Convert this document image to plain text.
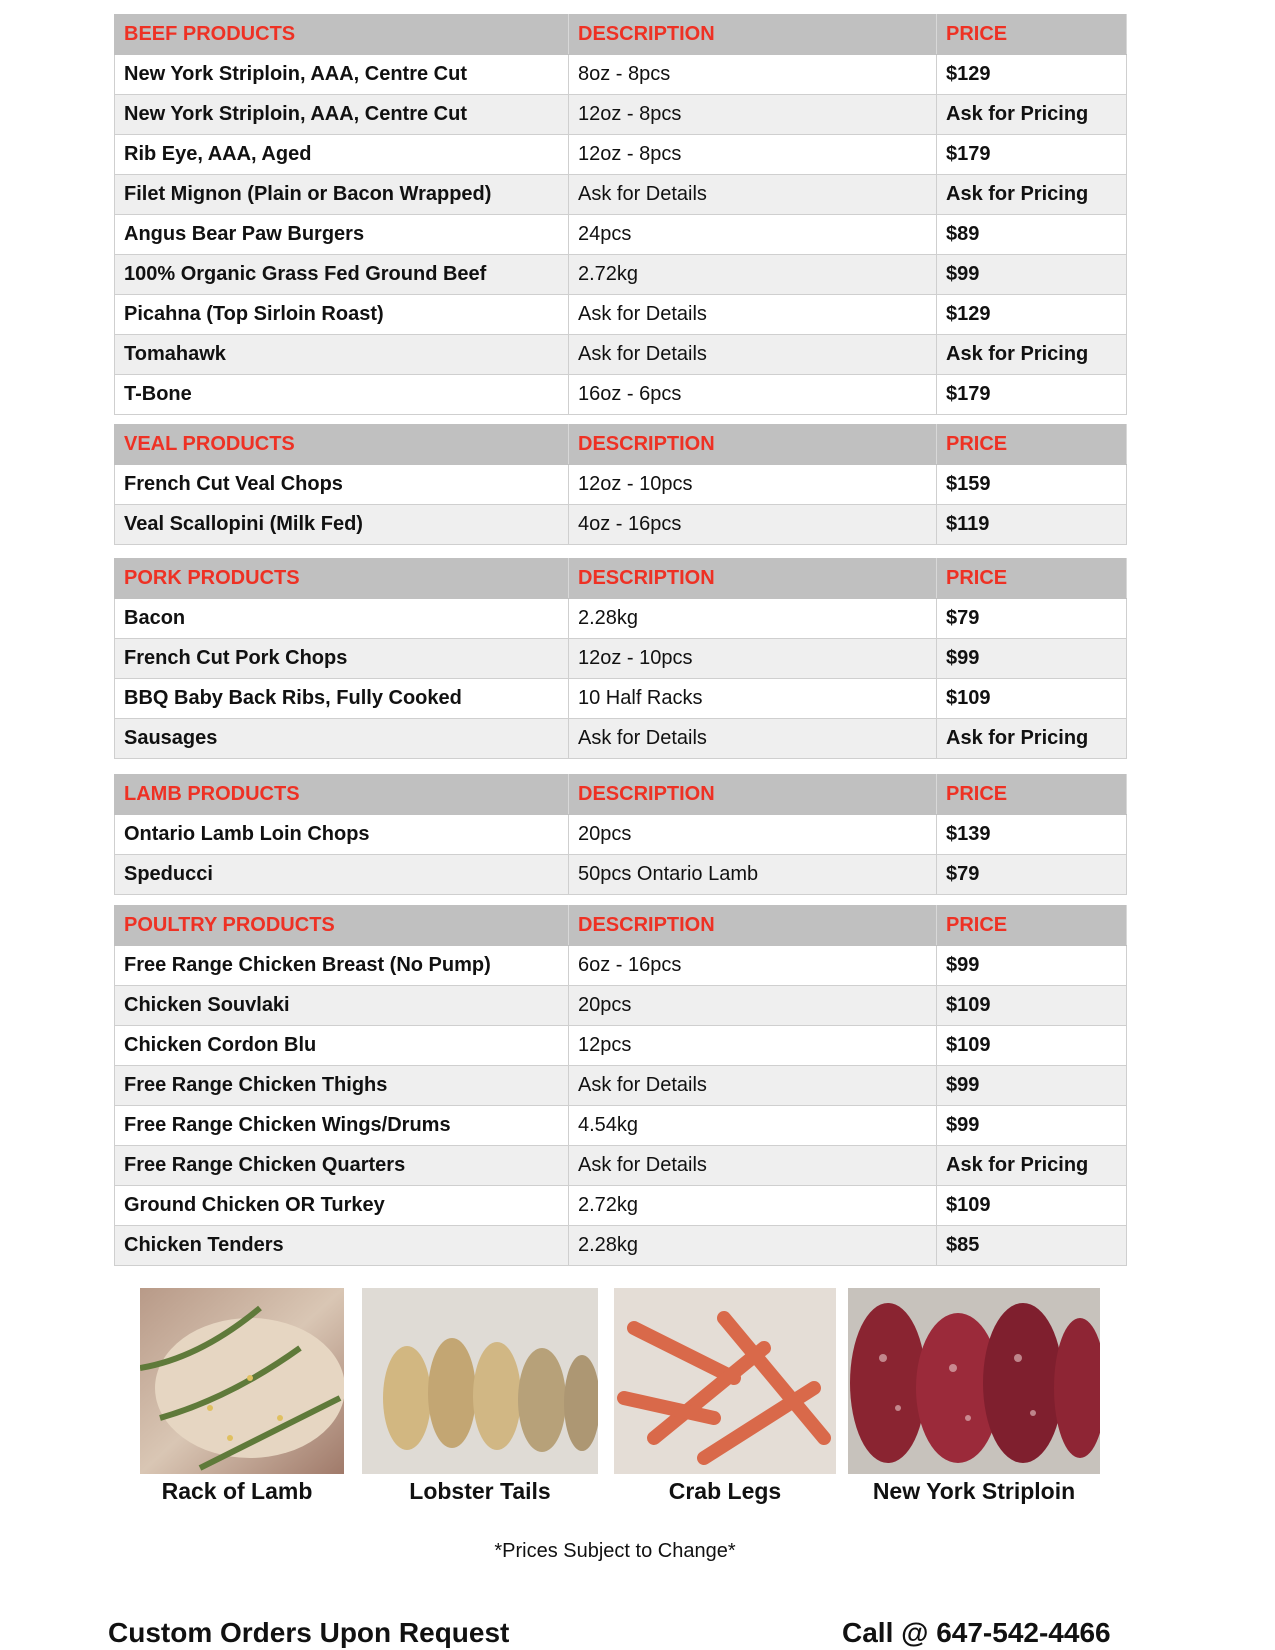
BEEF PRODUCTS	DESCRIPTION	PRICE
New York Striploin, AAA, Centre Cut	8oz - 8pcs	$129
New York Striploin, AAA, Centre Cut	12oz - 8pcs	Ask for Pricing
Rib Eye, AAA, Aged	12oz - 8pcs	$179
Filet Mignon (Plain or Bacon Wrapped)	Ask for Details	Ask for Pricing
Angus Bear Paw Burgers	24pcs	$89
100% Organic Grass Fed Ground Beef	2.72kg	$99
Picahna (Top Sirloin Roast)	Ask for Details	$129
Tomahawk	Ask for Details	Ask for Pricing
T-Bone	16oz - 6pcs	$179
VEAL PRODUCTS	DESCRIPTION	PRICE
French Cut Veal Chops	12oz - 10pcs	$159
Veal Scallopini (Milk Fed)	4oz - 16pcs	$119
PORK PRODUCTS	DESCRIPTION	PRICE
Bacon	2.28kg	$79
French Cut Pork Chops	12oz - 10pcs	$99
BBQ Baby Back Ribs, Fully Cooked	10 Half Racks	$109
Sausages	Ask for Details	Ask for Pricing
LAMB PRODUCTS	DESCRIPTION	PRICE
Ontario Lamb Loin Chops	20pcs	$139
Speducci	50pcs Ontario Lamb	$79
POULTRY PRODUCTS	DESCRIPTION	PRICE
Free Range Chicken Breast (No Pump)	6oz - 16pcs	$99
Chicken Souvlaki	20pcs	$109
Chicken Cordon Blu	12pcs	$109
Free Range Chicken Thighs	Ask for Details	$99
Free Range Chicken Wings/Drums	4.54kg	$99
Free Range Chicken Quarters	Ask for Details	Ask for Pricing
Ground Chicken OR Turkey	2.72kg	$109
Chicken Tenders	2.28kg	$85
Rack of Lamb	Lobster Tails	Crab Legs	New York Striploin
*Prices Subject to Change*
Custom Orders Upon Request	Call @ 647-542-4466
